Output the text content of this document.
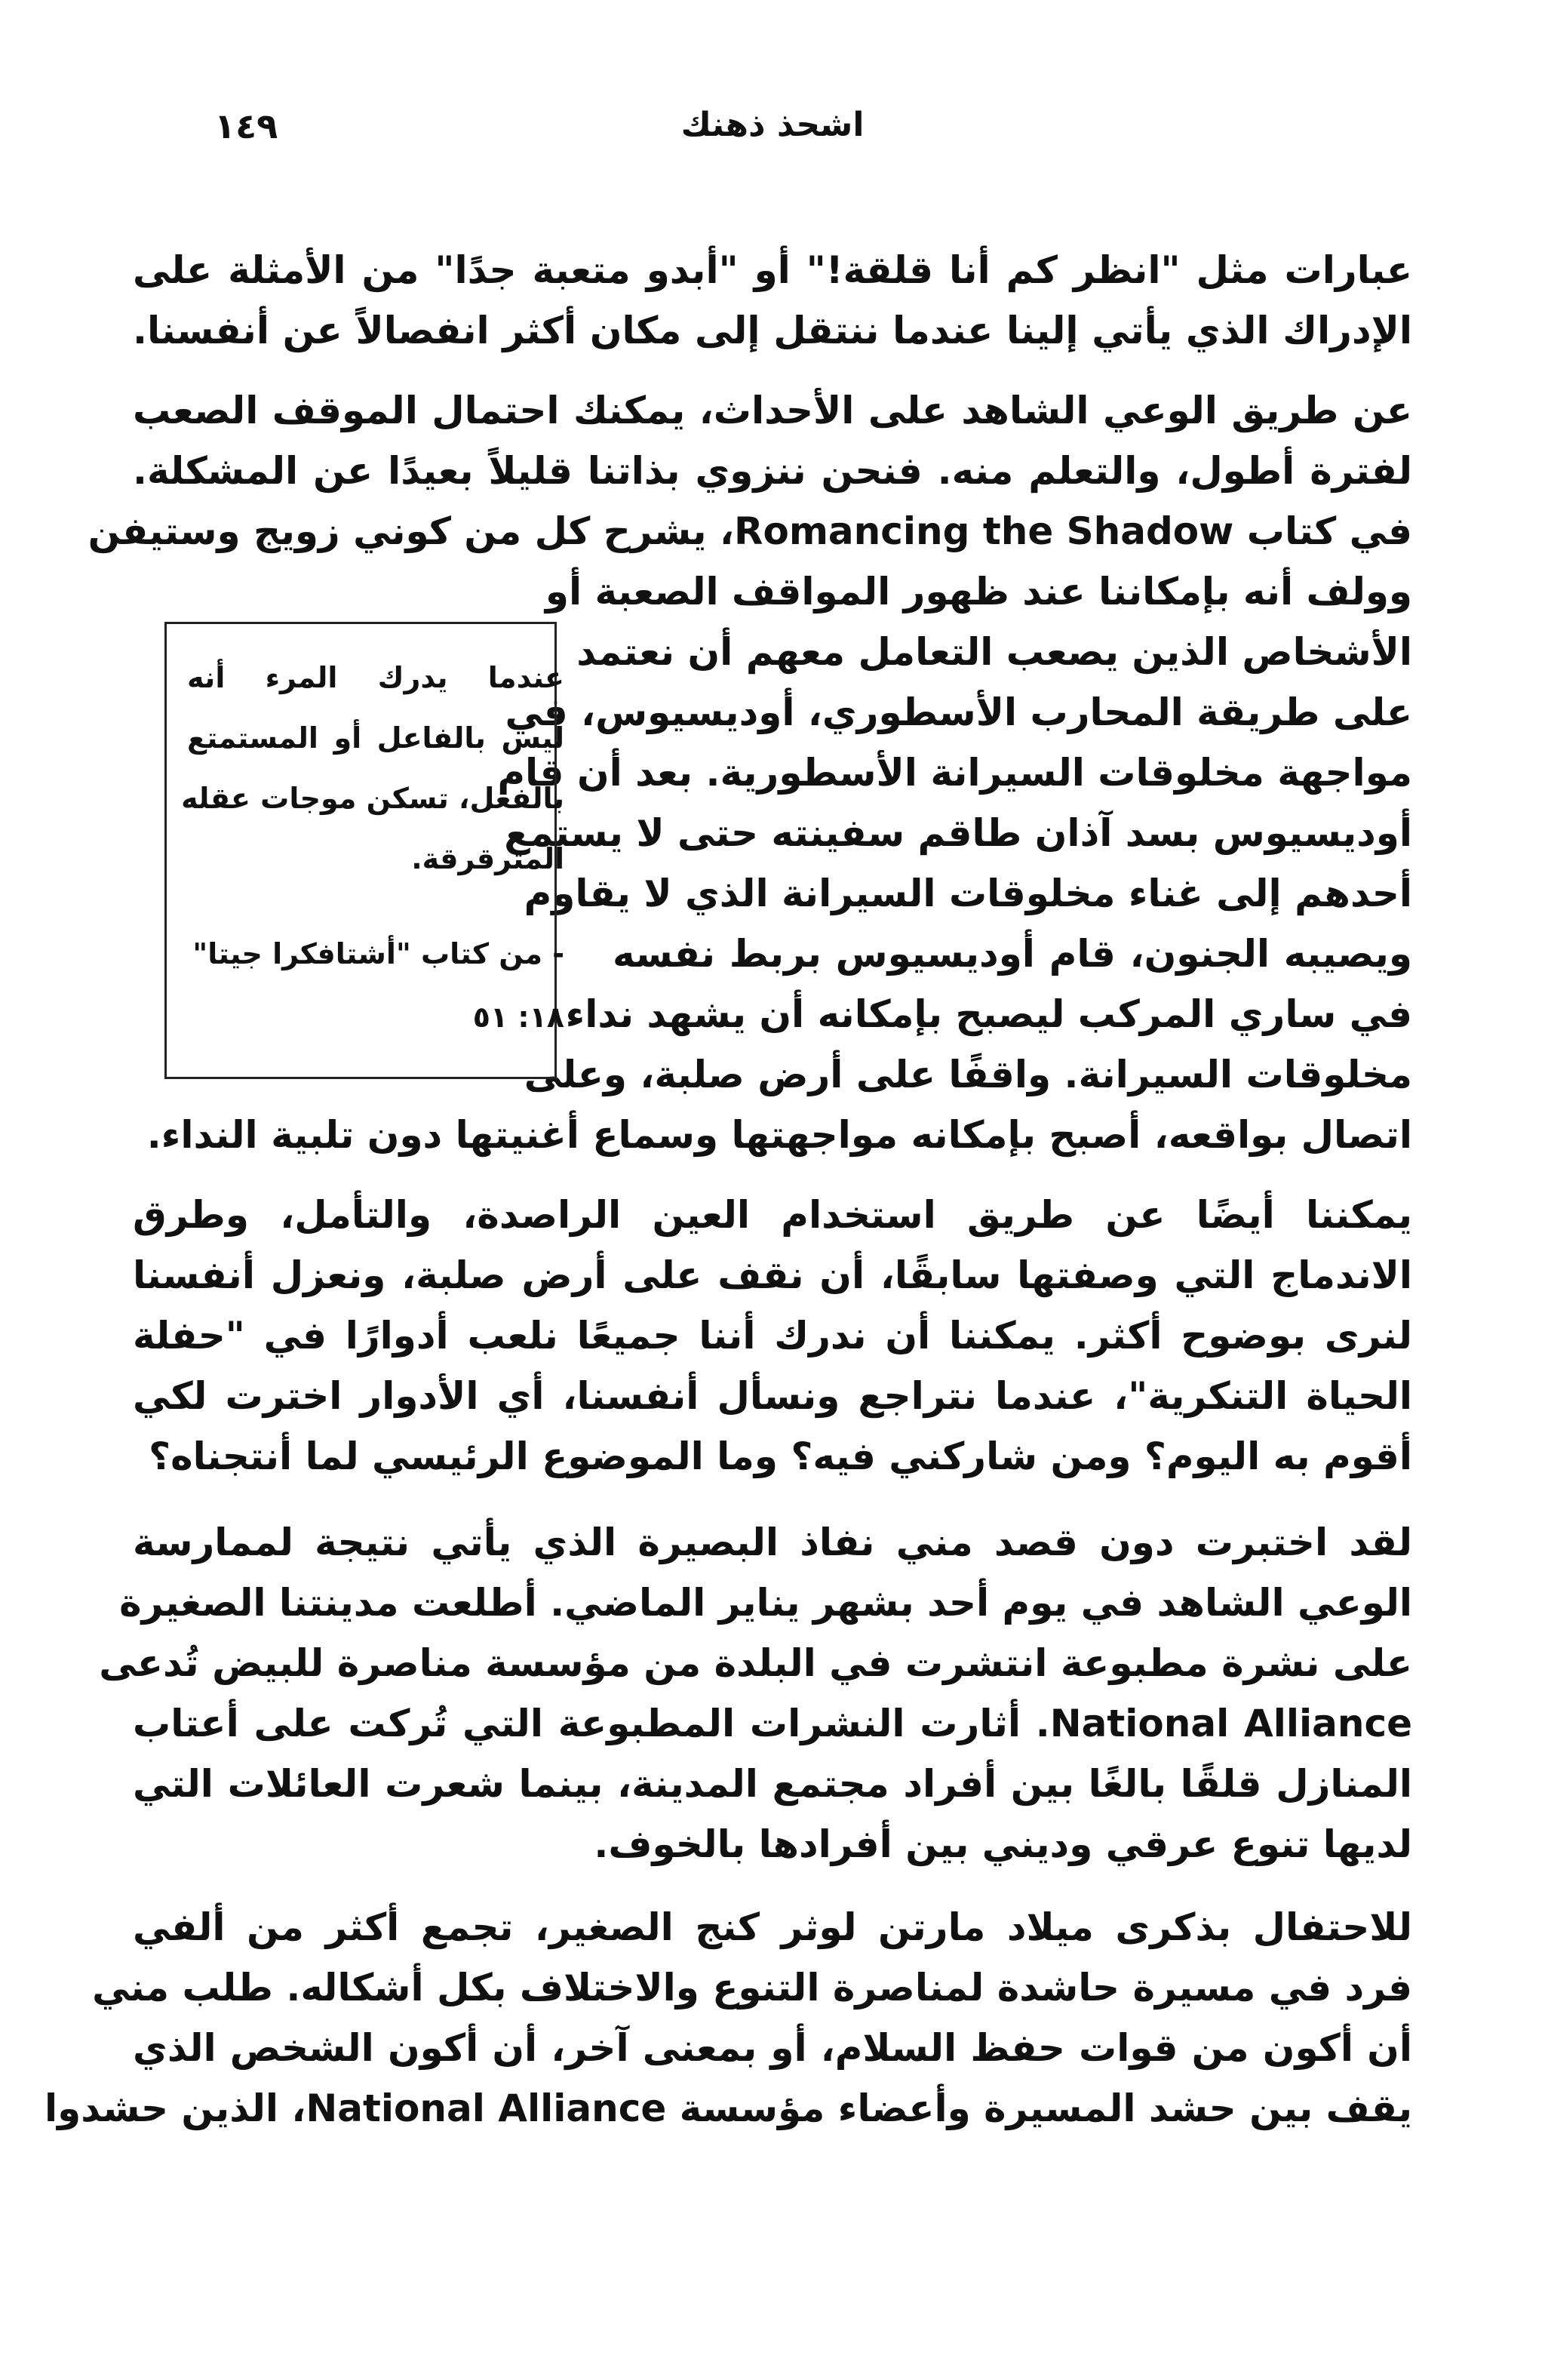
١٤٩	اشحذ ذهنك
عبارات مثل "انظر كم أنا قلقة!" أو "أبدو متعبة جدًا" من الأمثلة على
الإدراك الذي يأتي إلينا عندما ننتقل إلى مكان أكثر انفصالاً عن أنفسنا.
عن طريق الوعي الشاهد على الأحداث، يمكنك احتمال الموقف الصعب
لفترة أطول، والتعلم منه. فنحن ننزوي بذاتنا قليلاً بعيدًا عن المشكلة.
في كتاب Romancing the Shadow، يشرح كل من كوني زويج وستيفن
وولف أنه بإمكاننا عند ظهور المواقف الصعبة أو
الأشخاص الذين يصعب التعامل معهم أن نعتمد
على طريقة المحارب الأسطوري، أوديسيوس، في
مواجهة مخلوقات السيرانة الأسطورية. بعد أن قام
أوديسيوس بسد آذان طاقم سفينته حتى لا يستمع
أحدهم إلى غناء مخلوقات السيرانة الذي لا يقاوم
ويصيبه الجنون، قام أوديسيوس بربط نفسه
في ساري المركب ليصبح بإمكانه أن يشهد نداء
مخلوقات السيرانة. واقفًا على أرض صلبة، وعلى
اتصال بواقعه، أصبح بإمكانه مواجهتها وسماع أغنيتها دون تلبية النداء.
يمكننا أيضًا عن طريق استخدام العين الراصدة، والتأمل، وطرق
الاندماج التي وصفتها سابقًا، أن نقف على أرض صلبة، ونعزل أنفسنا
لنرى بوضوح أكثر. يمكننا أن ندرك أننا جميعًا نلعب أدوارًا في "حفلة
الحياة التنكرية"، عندما نتراجع ونسأل أنفسنا، أي الأدوار اخترت لكي
أقوم به اليوم؟ ومن شاركني فيه؟ وما الموضوع الرئيسي لما أنتجناه؟
لقد اختبرت دون قصد مني نفاذ البصيرة الذي يأتي نتيجة لممارسة
الوعي الشاهد في يوم أحد بشهر يناير الماضي. أطلعت مدينتنا الصغيرة
على نشرة مطبوعة انتشرت في البلدة من مؤسسة مناصرة للبيض تُدعى
National Alliance. أثارت النشرات المطبوعة التي تُركت على أعتاب
المنازل قلقًا بالغًا بين أفراد مجتمع المدينة، بينما شعرت العائلات التي
لديها تنوع عرقي وديني بين أفرادها بالخوف.
للاحتفال بذكرى ميلاد مارتن لوثر كنج الصغير، تجمع أكثر من ألفي
فرد في مسيرة حاشدة لمناصرة التنوع والاختلاف بكل أشكاله. طلب مني
أن أكون من قوات حفظ السلام، أو بمعنى آخر، أن أكون الشخص الذي
يقف بين حشد المسيرة وأعضاء مؤسسة National Alliance، الذين حشدوا
عندما يدرك المرء أنه
ليس بالفاعل أو المستمتع
بالفعل، تسكن موجات عقله
المترقرقة.
- من كتاب "أشتافكرا جيتا"
١٨: ٥١
